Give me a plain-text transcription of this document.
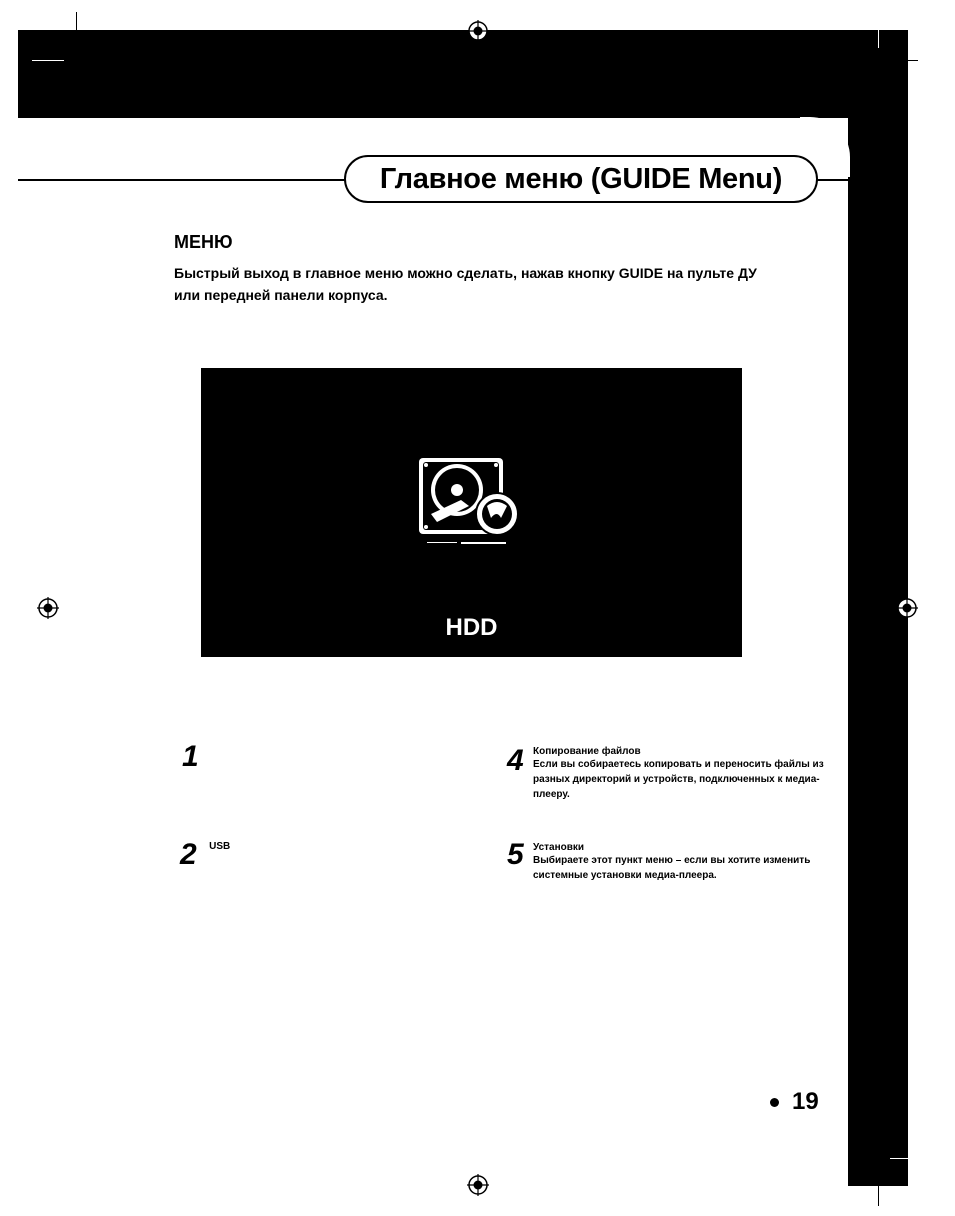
Главное меню (GUIDE Menu)
МЕНЮ
Быстрый выход в главное меню можно сделать, нажав кнопку GUIDE на пульте ДУ или передней панели корпуса.
HDD
1
2 USB
4 Копирование файлов
Если вы собираетесь копировать и переносить файлы из разных директорий и устройств, подключенных к медиа-плееру.
5 Установки
Выбираете этот пункт меню – если вы хотите изменить системные установки медиа-плеера.
19
